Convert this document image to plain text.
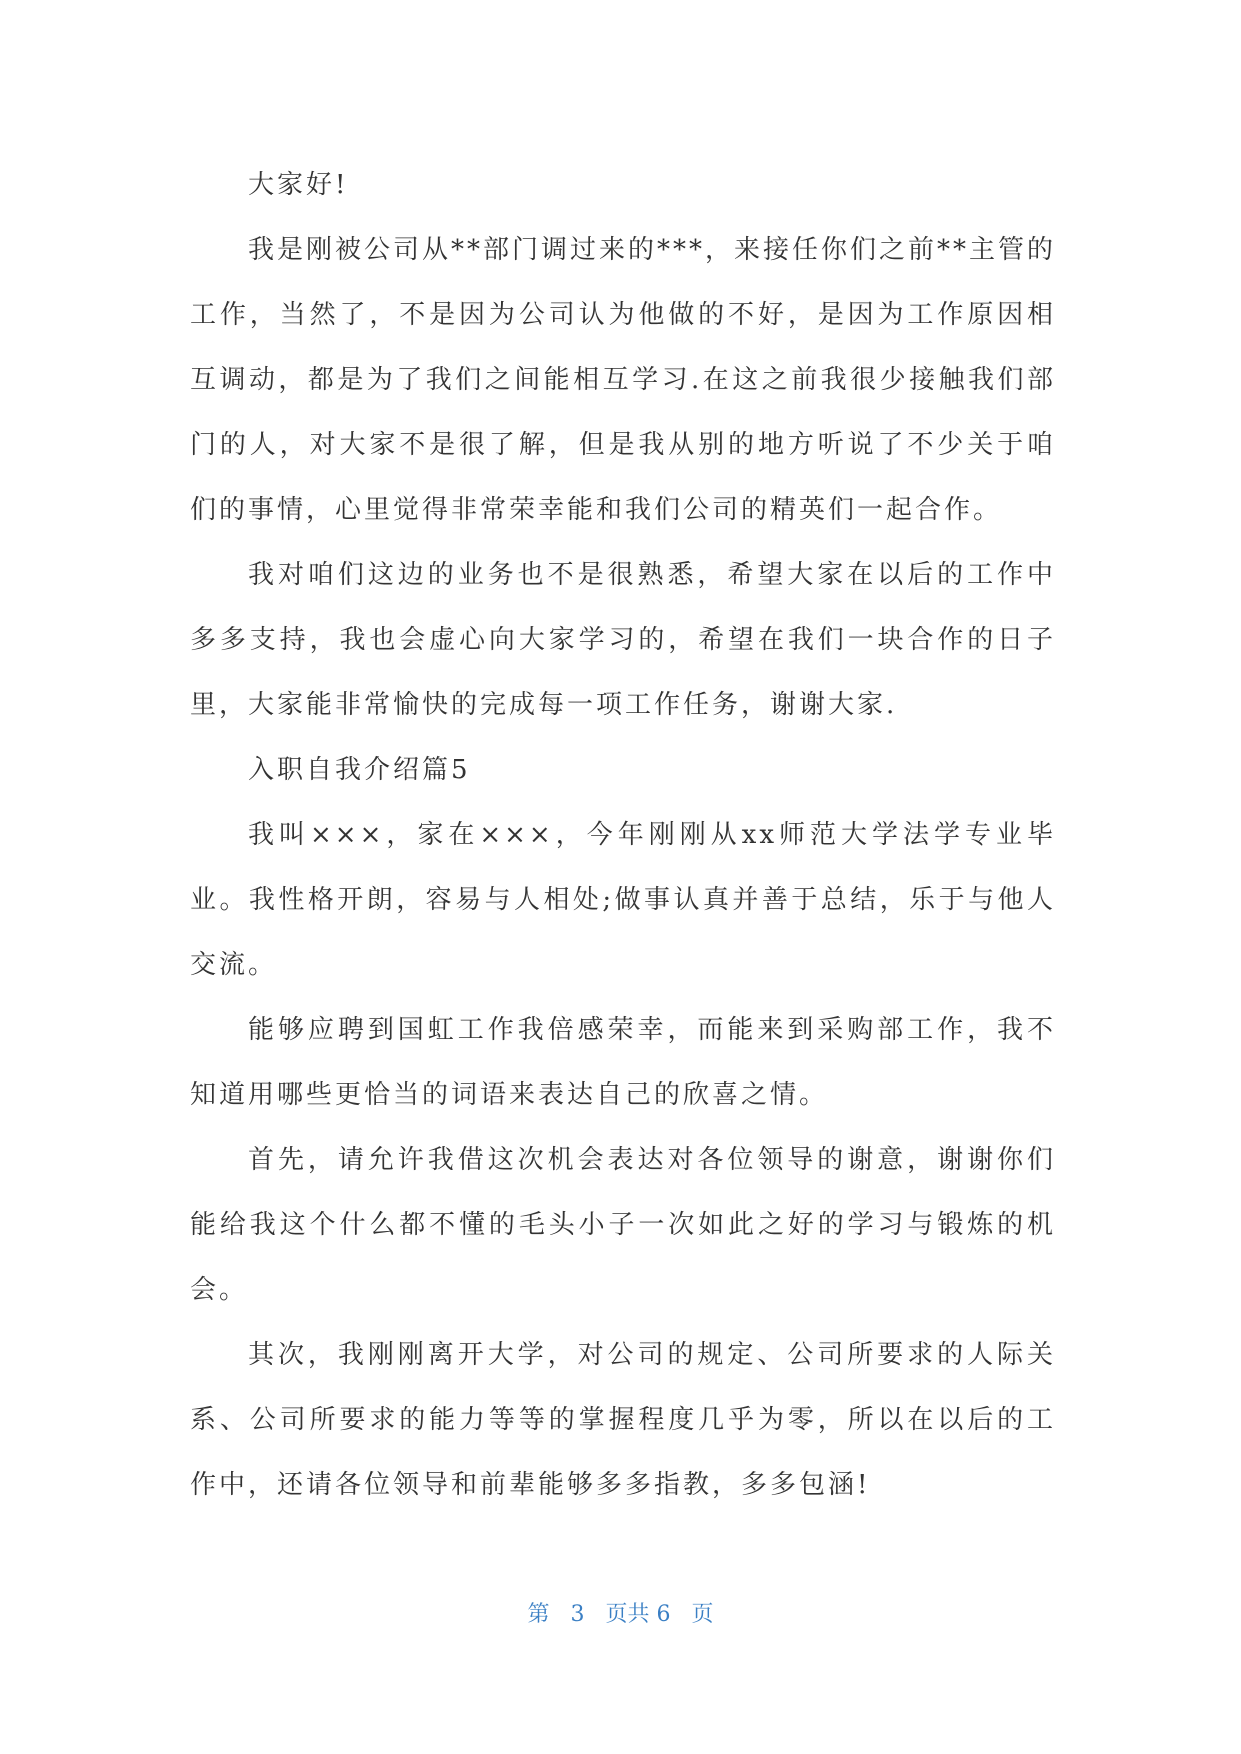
大家好!

我是刚被公司从**部门调过来的***，来接任你们之前**主管的工作，当然了，不是因为公司认为他做的不好，是因为工作原因相互调动，都是为了我们之间能相互学习.在这之前我很少接触我们部门的人，对大家不是很了解，但是我从别的地方听说了不少关于咱们的事情，心里觉得非常荣幸能和我们公司的精英们一起合作。

我对咱们这边的业务也不是很熟悉，希望大家在以后的工作中多多支持，我也会虚心向大家学习的，希望在我们一块合作的日子里，大家能非常愉快的完成每一项工作任务，谢谢大家.

入职自我介绍篇5

我叫×××，家在×××，今年刚刚从xx师范大学法学专业毕业。我性格开朗，容易与人相处;做事认真并善于总结，乐于与他人交流。

能够应聘到国虹工作我倍感荣幸，而能来到采购部工作，我不知道用哪些更恰当的词语来表达自己的欣喜之情。

首先，请允许我借这次机会表达对各位领导的谢意，谢谢你们能给我这个什么都不懂的毛头小子一次如此之好的学习与锻炼的机会。

其次，我刚刚离开大学，对公司的规定、公司所要求的人际关系、公司所要求的能力等等的掌握程度几乎为零，所以在以后的工作中，还请各位领导和前辈能够多多指教，多多包涵!

第 3 页共 6 页
